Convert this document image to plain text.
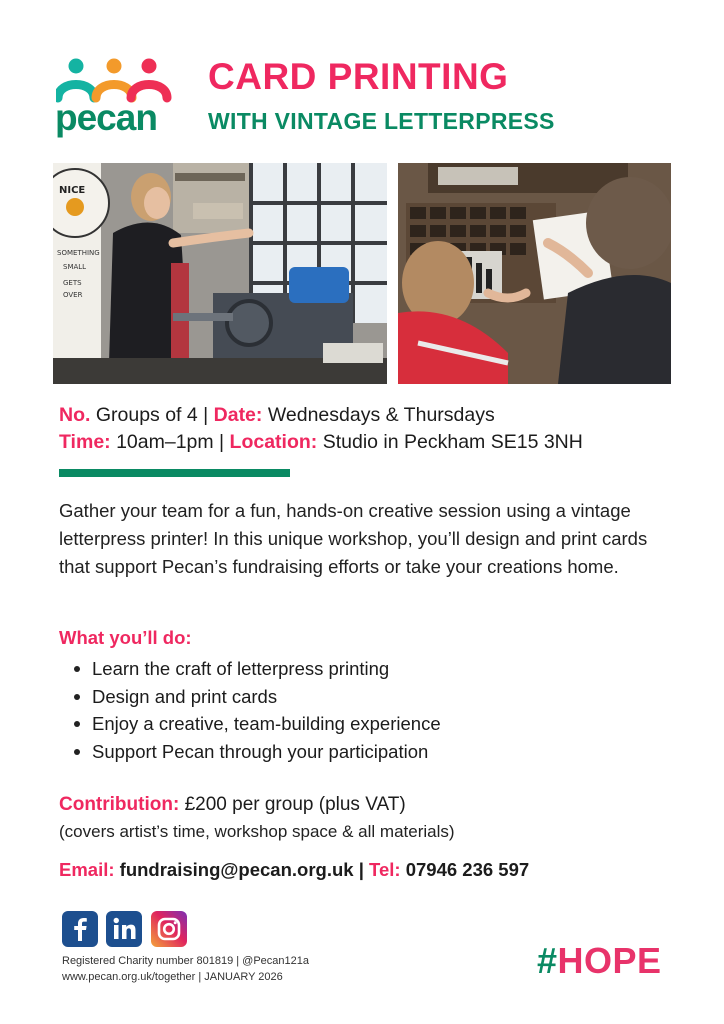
pecan
CARD PRINTING
WITH VINTAGE LETTERPRESS
NICE
SOMETHING
SMALL
GETS
OVER
No. Groups of 4 | Date: Wednesdays & Thursdays
Time: 10am–1pm | Location: Studio in Peckham SE15 3NH
Gather your team for a fun, hands-on creative session using a vintage letterpress printer! In this unique workshop, you’ll design and print cards that support Pecan’s fundraising efforts or take your creations home.
What you’ll do:
Learn the craft of letterpress printing
Design and print cards
Enjoy a creative, team-building experience
Support Pecan through your participation
Contribution: £200 per group (plus VAT)
(covers artist’s time, workshop space & all materials)
Email: fundraising@pecan.org.uk | Tel: 07946 236 597
Registered Charity number 801819 | @Pecan121a
www.pecan.org.uk/together | JANUARY 2026	#HOPE
